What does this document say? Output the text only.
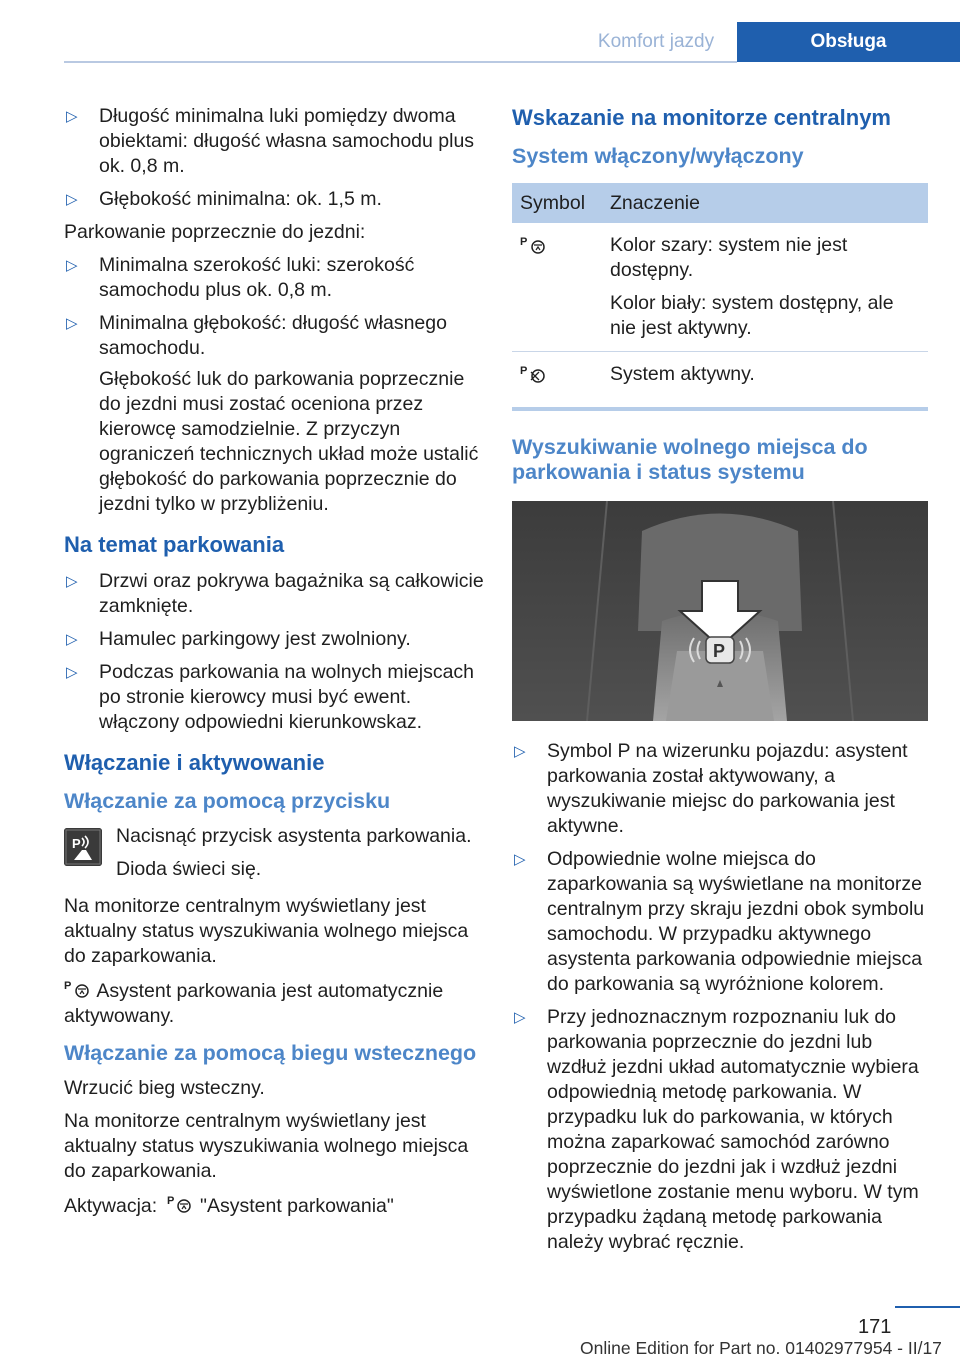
Komfort jazdy	Obsługa

▷ Długość minimalna luki pomiędzy dwoma obiektami: długość własna samochodu plus ok. 0,8 m.

▷ Głębokość minimalna: ok. 1,5 m.

Parkowanie poprzecznie do jezdni:

▷ Minimalna szerokość luki: szerokość samochodu plus ok. 0,8 m.

▷ Minimalna głębokość: długość własnego samochodu.

Głębokość luk do parkowania poprzecznie do jezdni musi zostać oceniona przez kierowcę samodzielnie. Z przyczyn ograniczeń technicznych układ może ustalić głębokość do parkowania poprzecznie do jezdni tylko w przybliżeniu.

Na temat parkowania

▷ Drzwi oraz pokrywa bagażnika są całkowicie zamknięte.

▷ Hamulec parkingowy jest zwolniony.

▷ Podczas parkowania na wolnych miejscach po stronie kierowcy musi być ewent. włączony odpowiedni kierunkowskaz.

Włączanie i aktywowanie
Włączanie za pomocą przycisku
P Nacisnąć przycisk asystenta parkowania.

Dioda świeci się.

Na monitorze centralnym wyświetlany jest aktualny status wyszukiwania wolnego miejsca do zaparkowania.

P Asystent parkowania jest automatycznie aktywowany.

Włączanie za pomocą biegu wstecznego

Wrzucić bieg wsteczny.

Na monitorze centralnym wyświetlany jest aktualny status wyszukiwania wolnego miejsca do zaparkowania.

Aktywacja: P "Asystent parkowania"

Wskazanie na monitorze centralnym
System włączony/wyłączony
Symbol	Znaczenie

P	Kolor szary: system nie jest dostępny.

Kolor biały: system dostępny, ale nie jest aktywny.

P	System aktywny.
Wyszukiwanie wolnego miejsca do parkowania i status systemu
P

▷ Symbol P na wizerunku pojazdu: asystent parkowania został aktywowany, a wyszukiwanie miejsc do parkowania jest aktywne.

▷ Odpowiednie wolne miejsca do zaparkowania są wyświetlane na monitorze centralnym przy skraju jezdni obok symbolu samochodu. W przypadku aktywnego asystenta parkowania odpowiednie miejsca do parkowania są wyróżnione kolorem.

▷ Przy jednoznacznym rozpoznaniu luk do parkowania poprzecznie do jezdni lub wzdłuż jezdni układ automatycznie wybiera odpowiednią metodę parkowania. W przypadku luk do parkowania, w których można zaparkować samochód zarówno poprzecznie do jezdni jak i wzdłuż jezdni wyświetlone zostanie menu wyboru. W tym przypadku żądaną metodę parkowania należy wybrać ręcznie.

171
Online Edition for Part no. 01402977954 - II/17
